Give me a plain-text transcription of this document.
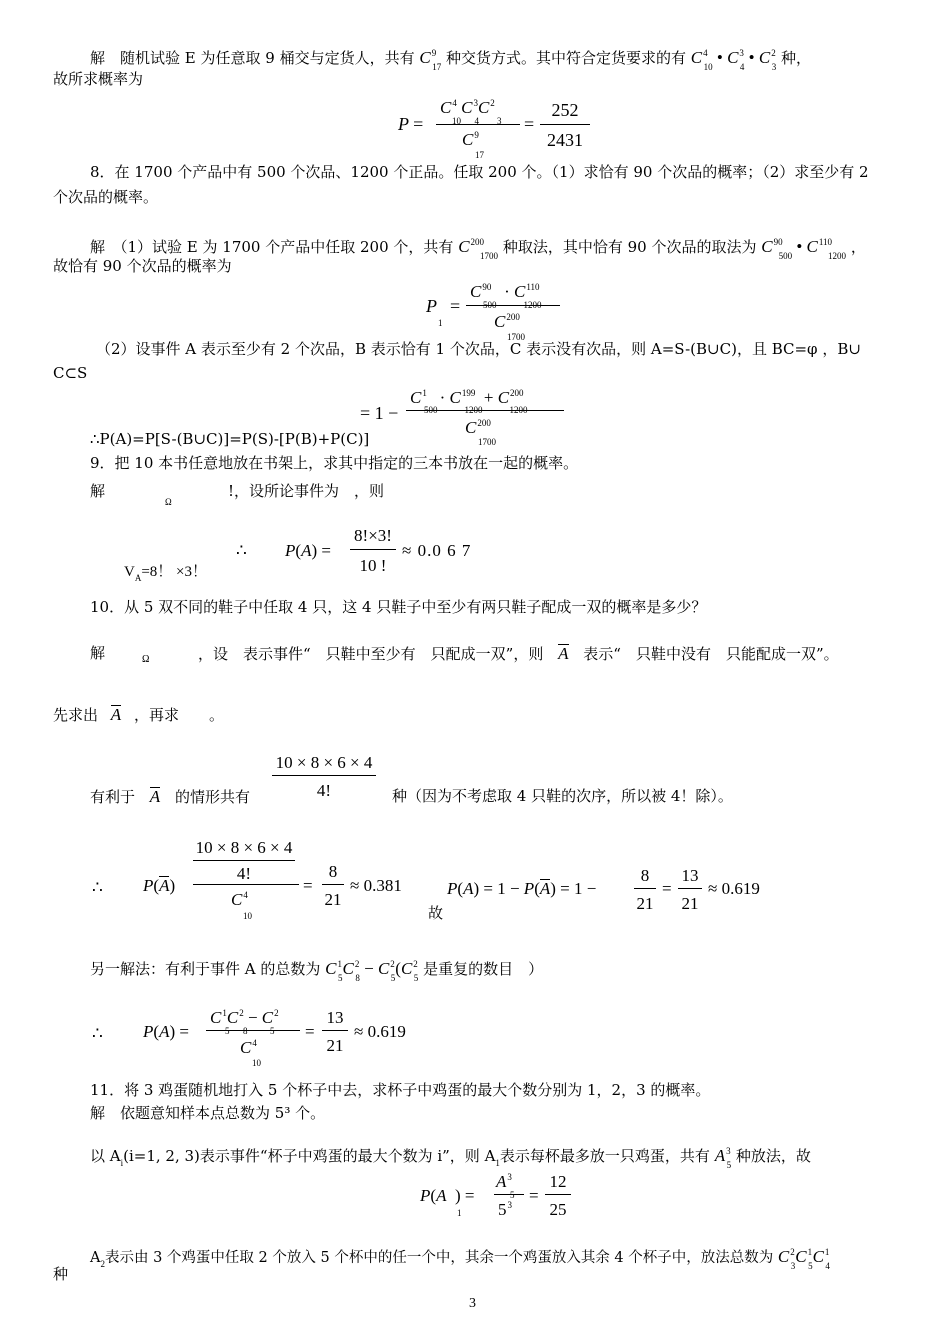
解　随机试验 E 为任意取 9 桶交与定货人，共有 $C^9_{17}$ 种交货方式。其中符合定货要求的有 $C^4_{10}$ • $C^3_4$ • $C^2_3$ 种，
故所求概率为
P =
$C^4$ $C^3C^2$
10      4        3
$C^9$
17
=
252
2431
8．在 1700 个产品中有 500 个次品、1200 个正品。任取 200 个。（1）求恰有 90 个次品的概率；（2）求至少有 2
个次品的概率。
解　（1）试验 E 为 1700 个产品中任取 200 个，共有 $C^{200}_{1700}$ 种取法，其中恰有 90 个次品的取法为 $C^{90}_{500}$ • $C^{110}_{1200}$ ，
故恰有 90 个次品的概率为
P
1
=
$C^{90} \cdot C^{110}$
500            1200
$C^{200}$
1700
（2）设事件 A 表示至少有 2 个次品，B 表示恰有 1 个次品，C 表示没有次品，则 A=S-(B∪C)，且 BC=φ ，B∪
C⊂S
= 1 −
$C^1 \cdot C^{199} + C^{200}$
500            1200            1200
$C^{200}$
1700
∴P(A)=P[S-(B∪C)]=P(S)-[P(B)+P(C)]
9．把 10 本书任意地放在书架上，求其中指定的三本书放在一起的概率。
解
Ω
!，设所论事件为　，则
∴ P(A) =
8!×3!
10 !
≈ 0.0 6 7
$V_A=8$！ ×3！
10．从 5 双不同的鞋子中任取 4 只，这 4 只鞋子中至少有两只鞋子配成一双的概率是多少？
解	Ω	，设　表示事件“　只鞋中至少有　只配成一双”，则 A 表示“　只鞋中没有　只能配成一双”。
先求出 A ，再求　　。
10 × 8 × 6 × 4
4!
有利于 A 的情形共有	种（因为不考虑取 4 只鞋的次序，所以被 4！除）。
∴ P(A)
10 × 8 × 6 × 4
4!
$C^4$
10
=
8
21
≈ 0.381	P(A) = 1 − P(A) = 1 −
8
21
=
13
21
≈ 0.619
故
另一解法：有利于事件 A 的总数为 $C^1_5C^2_8 - C^2_5(C^2_5$ 是重复的数目　）
∴ P(A) =
$C^1C^2 - C^2$
5      8          5
$C^4$
10
=
13
21
≈ 0.619
11．将 3 鸡蛋随机地打入 5 个杯子中去，求杯子中鸡蛋的最大个数分别为 1，2，3 的概率。
解　依题意知样本点总数为 5³ 个。
以 $A_i(i=1$, 2, 3)表示事件“杯子中鸡蛋的最大个数为 i”，则 $A_1$表示每杯最多放一只鸡蛋，共有 $A^3_5$ 种放法，故
P(A  ) =
1
$A^3$
5
$5^3$ =
12
25
$A_2$表示由 3 个鸡蛋中任取 2 个放入 5 个杯中的任一个中，其余一个鸡蛋放入其余 4 个杯子中，放法总数为 $C^2_3C^1_5C^1_4$
种
3
